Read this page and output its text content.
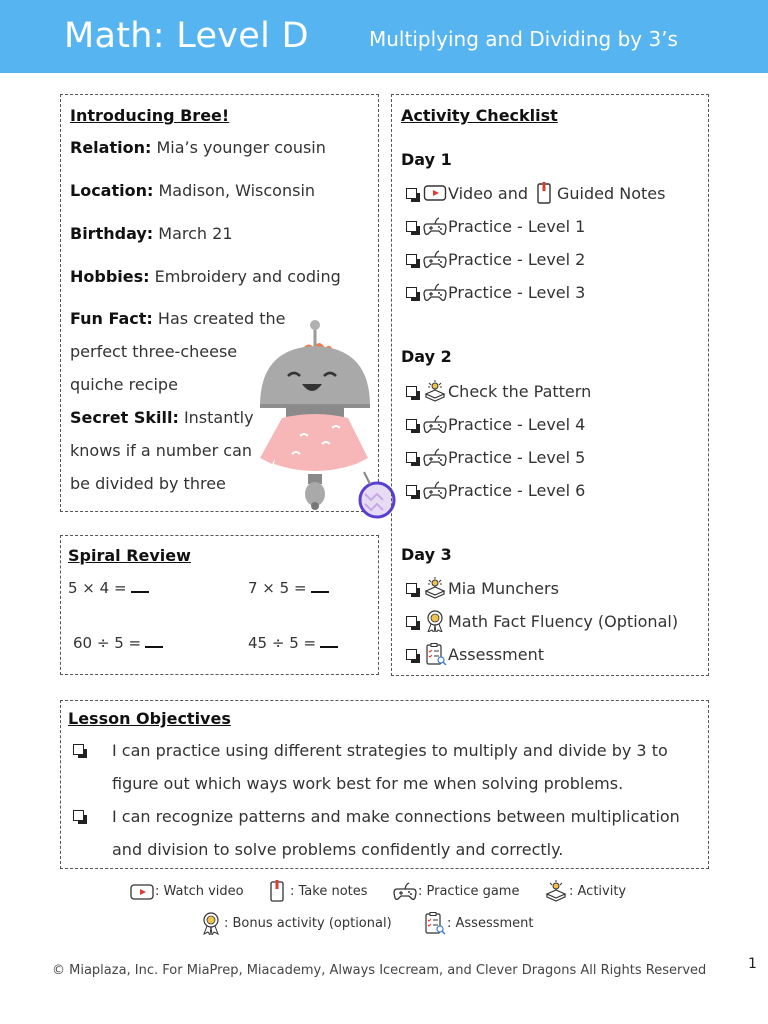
Math: Level D	Multiplying and Dividing by 3’s
Introducing Bree!
Relation: Mia’s younger cousin
Location: Madison, Wisconsin
Birthday: March 21
Hobbies: Embroidery and coding
Fun Fact: Has created the
perfect three-cheese
quiche recipe
Secret Skill: Instantly
knows if a number can
be divided by three
Spiral Review
5 × 4 =	7 × 5 =
60 ÷ 5 =	45 ÷ 5 =
Activity Checklist
Day 1
Video and Guided Notes
Practice - Level 1
Practice - Level 2
Practice - Level 3
Day 2
Check the Pattern
Practice - Level 4
Practice - Level 5
Practice - Level 6
Day 3
Mia Munchers
Math Fact Fluency (Optional)
Assessment
Lesson Objectives
I can practice using different strategies to multiply and divide by 3 to
figure out which ways work best for me when solving problems.
I can recognize patterns and make connections between multiplication
and division to solve problems confidently and correctly.
: Watch video	: Take notes	: Practice game	: Activity
: Bonus activity (optional)	: Assessment
© Miaplaza, Inc. For MiaPrep, Miacademy, Always Icecream, and Clever Dragons All Rights Reserved	1
